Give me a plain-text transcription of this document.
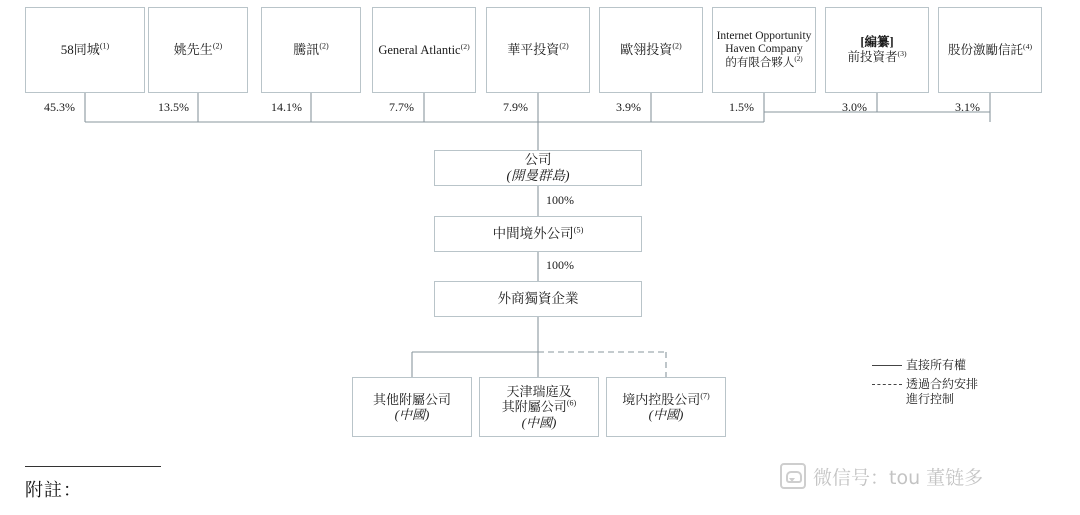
58同城$^{(1)}$	姚先生$^{(2)}$	騰訊$^{(2)}$	General Atlantic$^{(2)}$	華平投資$^{(2)}$	歐翎投資$^{(2)}$
Internet Opportunity Haven Company
的有限合夥人$^{(2)}$
[編纂]
前投資者$^{(3)}$	股份激勵信託$^{(4)}$
45.3%	13.5%	14.1%	7.7%	7.9%	3.9%	1.5%	3.0%	3.1%
公司
(開曼群島)
100%
中間境外公司$^{(5)}$
100%
外商獨資企業
其他附屬公司
(中國)
天津瑞庭及
其附屬公司$^{(6)}$
(中國)
境内控股公司$^{(7)}$
(中國)
直接所有權
透過合約安排
進行控制
附註：
微信号：tou 董链多
